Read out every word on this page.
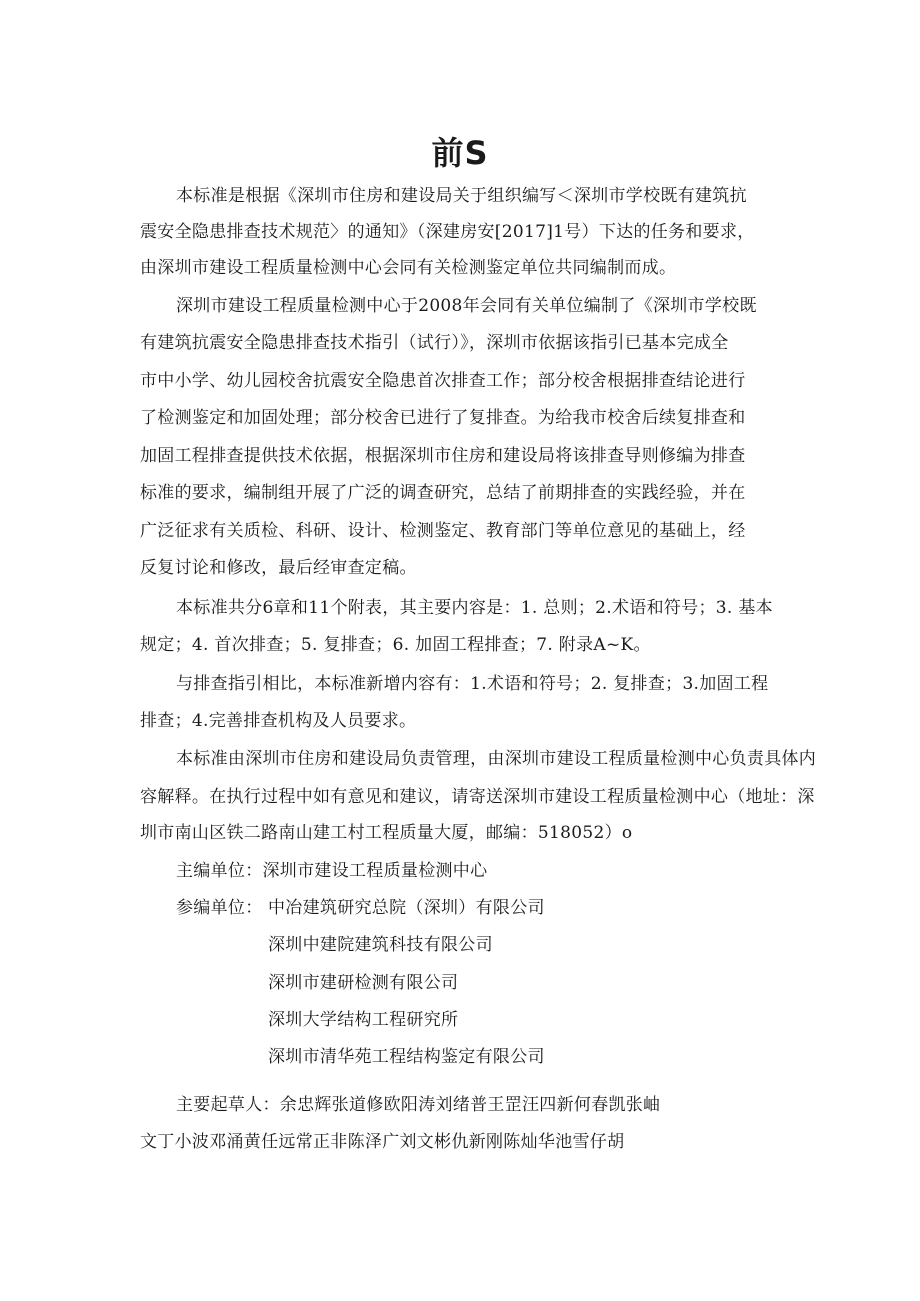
前S
本标准是根据《深圳市住房和建设局关于组织编写＜深圳市学校既有建筑抗
震安全隐患排查技术规范〉的通知》（深建房安[2017]1号）下达的任务和要求，
由深圳市建设工程质量检测中心会同有关检测鉴定单位共同编制而成。
深圳市建设工程质量检测中心于2008年会同有关单位编制了《深圳市学校既
有建筑抗震安全隐患排查技术指引（试行）》，深圳市依据该指引已基本完成全
市中小学、幼儿园校舍抗震安全隐患首次排查工作；部分校舍根据排查结论进行
了检测鉴定和加固处理；部分校舍已进行了复排查。为给我市校舍后续复排查和
加固工程排查提供技术依据，根据深圳市住房和建设局将该排查导则修编为排查
标准的要求，编制组开展了广泛的调查研究，总结了前期排查的实践经验，并在
广泛征求有关质检、科研、设计、检测鉴定、教育部门等单位意见的基础上，经
反复讨论和修改，最后经审查定稿。
本标准共分6章和11个附表，其主要内容是：1. 总则；2.术语和符号；3. 基本
规定；4. 首次排查；5. 复排查；6. 加固工程排查；7. 附录A~K。
与排查指引相比，本标准新增内容有：1.术语和符号；2. 复排查；3.加固工程
排查；4.完善排查机构及人员要求。
本标准由深圳市住房和建设局负责管理，由深圳市建设工程质量检测中心负责具体内
容解释。在执行过程中如有意见和建议，请寄送深圳市建设工程质量检测中心（地址：深
圳市南山区铁二路南山建工村工程质量大厦，邮编：518052）o
主编单位：深圳市建设工程质量检测中心
参编单位： 中冶建筑研究总院（深圳）有限公司
深圳中建院建筑科技有限公司
深圳市建研检测有限公司
深圳大学结构工程研究所
深圳市清华苑工程结构鉴定有限公司
主要起草人：余忠辉张道修欧阳涛刘绪普王罡汪四新何春凯张岫
文丁小波邓涌黄任远常正非陈泽广刘文彬仇新刚陈灿华池雪仔胡
